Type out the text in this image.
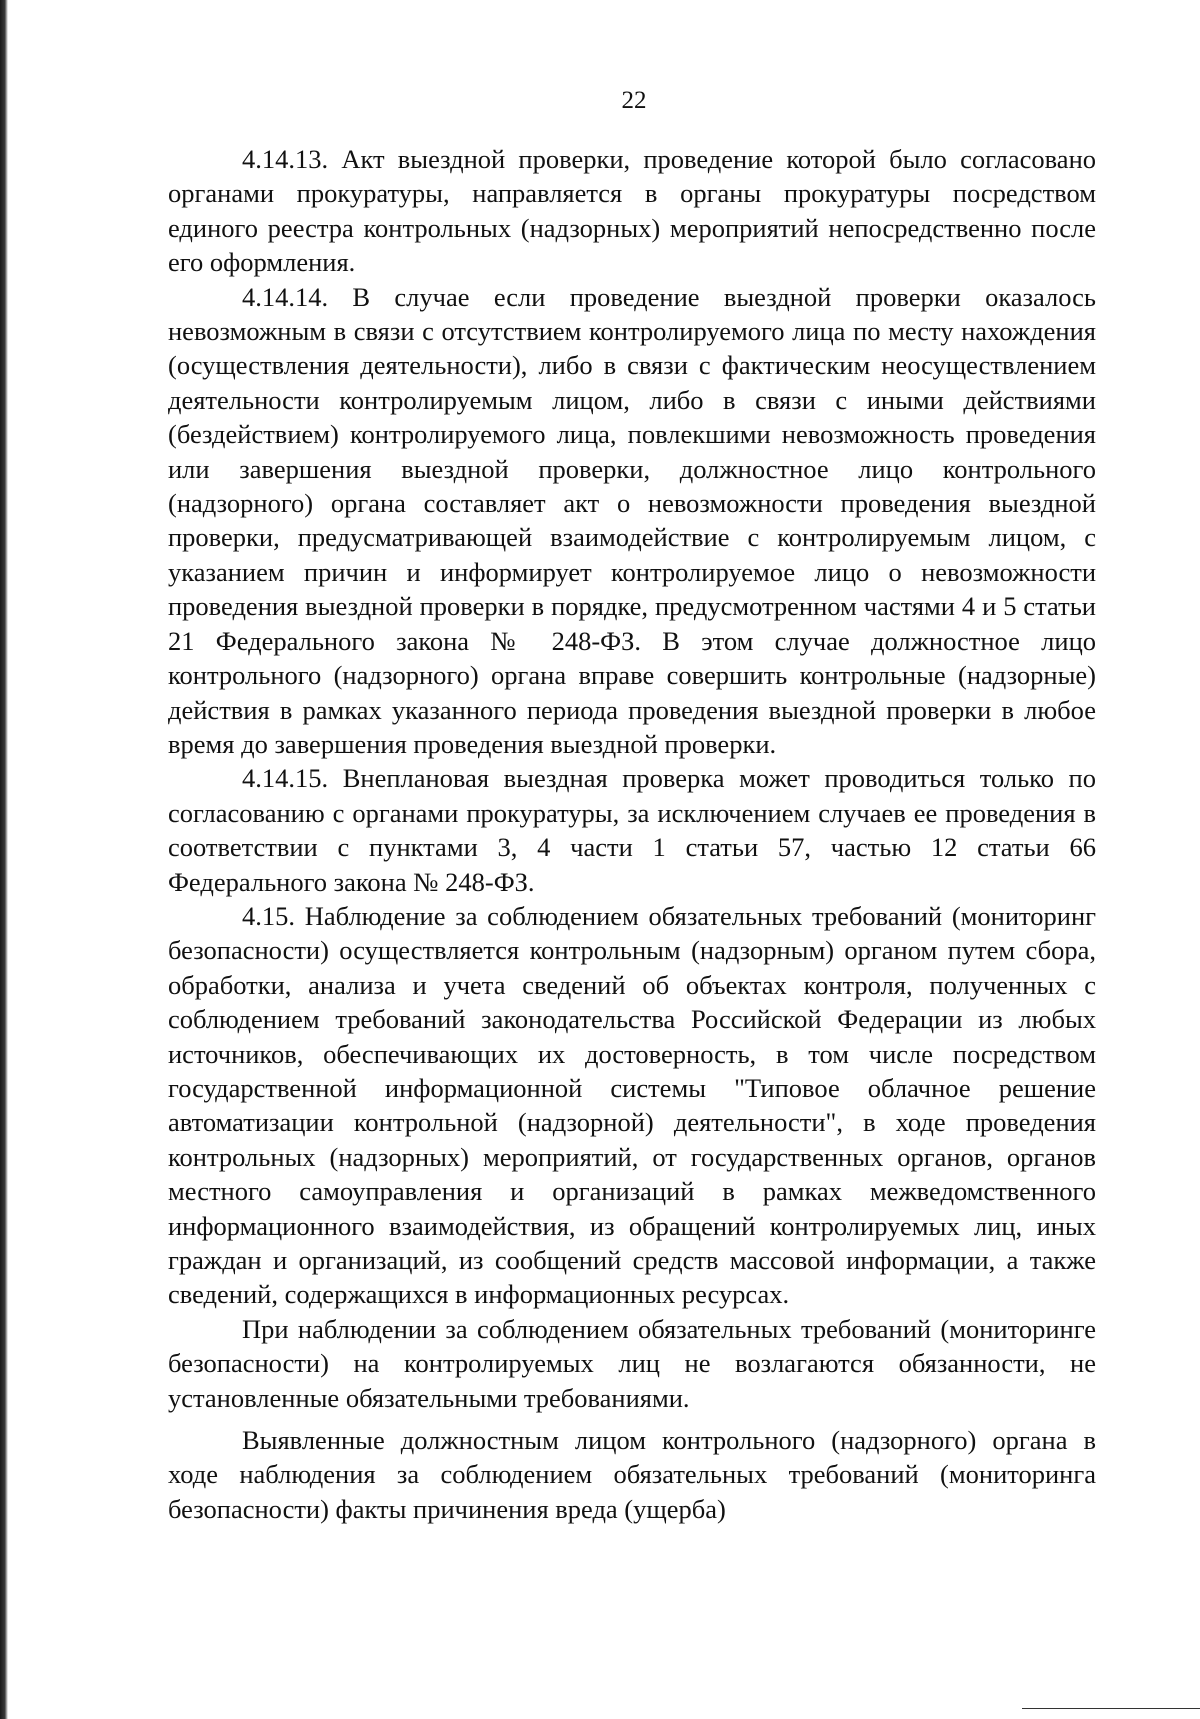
22

4.14.13. Акт выездной проверки, проведение которой было согласовано органами прокуратуры, направляется в органы прокуратуры посредством единого реестра контрольных (надзорных) мероприятий непосредственно после его оформления.

4.14.14. В случае если проведение выездной проверки оказалось невозможным в связи с отсутствием контролируемого лица по месту нахождения (осуществления деятельности), либо в связи с фактическим неосуществлением деятельности контролируемым лицом, либо в связи с иными действиями (бездействием) контролируемого лица, повлекшими невозможность проведения или завершения выездной проверки, должностное лицо контрольного (надзорного) органа составляет акт о невозможности проведения выездной проверки, предусматривающей взаимодействие с контролируемым лицом, с указанием причин и информирует контролируемое лицо о невозможности проведения выездной проверки в порядке, предусмотренном частями 4 и 5 статьи 21 Федерального закона № 248-ФЗ. В этом случае должностное лицо контрольного (надзорного) органа вправе совершить контрольные (надзорные) действия в рамках указанного периода проведения выездной проверки в любое время до завершения проведения выездной проверки.

4.14.15. Внеплановая выездная проверка может проводиться только по согласованию с органами прокуратуры, за исключением случаев ее проведения в соответствии с пунктами 3, 4 части 1 статьи 57, частью 12 статьи 66 Федерального закона № 248-ФЗ.

4.15. Наблюдение за соблюдением обязательных требований (мониторинг безопасности) осуществляется контрольным (надзорным) органом путем сбора, обработки, анализа и учета сведений об объектах контроля, полученных с соблюдением требований законодательства Российской Федерации из любых источников, обеспечивающих их достоверность, в том числе посредством государственной информационной системы "Типовое облачное решение автоматизации контрольной (надзорной) деятельности", в ходе проведения контрольных (надзорных) мероприятий, от государственных органов, органов местного самоуправления и организаций в рамках межведомственного информационного взаимодействия, из обращений контролируемых лиц, иных граждан и организаций, из сообщений средств массовой информации, а также сведений, содержащихся в информационных ресурсах.

При наблюдении за соблюдением обязательных требований (мониторинге безопасности) на контролируемых лиц не возлагаются обязанности, не установленные обязательными требованиями.

Выявленные должностным лицом контрольного (надзорного) органа в ходе наблюдения за соблюдением обязательных требований (мониторинга безопасности) факты причинения вреда (ущерба)
